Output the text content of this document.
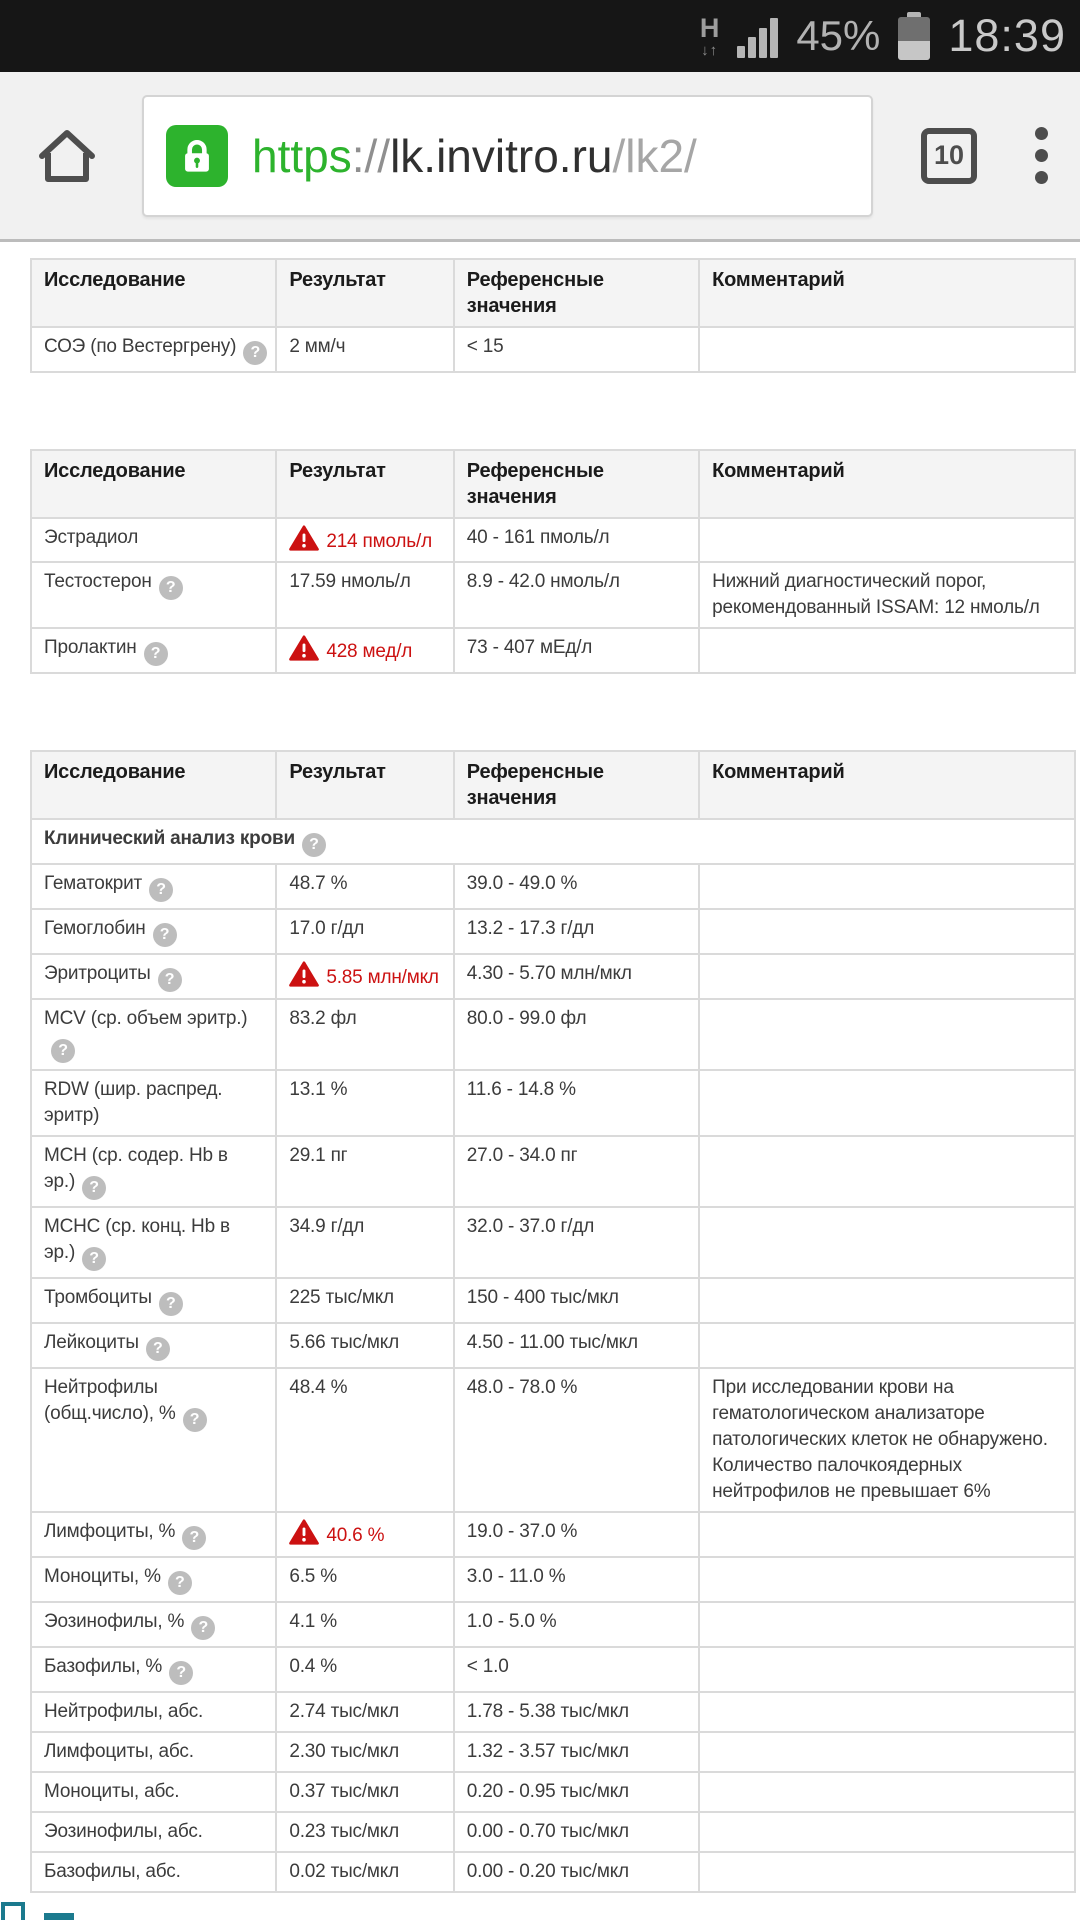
H
↓↑ 45% 18:39
https://lk.invitro.ru/lk2/	10
Исследование	Результат	Референсные значения	Комментарий
СОЭ (по Вестергрену) ?	2 мм/ч	< 15	
Исследование	Результат	Референсные значения	Комментарий
Эстрадиол	214 пмоль/л	40 - 161 пмоль/л	
Тестостерон ?	17.59 нмоль/л	8.9 - 42.0 нмоль/л	Нижний диагностический порог, рекомендованный ISSAM: 12 нмоль/л
Пролактин ?	428 мед/л	73 - 407 мЕд/л	
Исследование	Результат	Референсные значения	Комментарий
Клинический анализ крови ?			
Гематокрит ?	48.7 %	39.0 - 49.0 %	
Гемоглобин ?	17.0 г/дл	13.2 - 17.3 г/дл	
Эритроциты ?	5.85 млн/мкл	4.30 - 5.70 млн/мкл	
MCV (ср. объем эритр.)?	83.2 фл	80.0 - 99.0 фл	
RDW (шир. распред. эритр)	13.1 %	11.6 - 14.8 %	
MCH (ср. содер. Hb в эр.) ?	29.1 пг	27.0 - 34.0 пг	
MCHC (ср. конц. Hb в эр.) ?	34.9 г/дл	32.0 - 37.0 г/дл	
Тромбоциты ?	225 тыс/мкл	150 - 400 тыс/мкл	
Лейкоциты ?	5.66 тыс/мкл	4.50 - 11.00 тыс/мкл	
Нейтрофилы (общ.число), % ?	48.4 %	48.0 - 78.0 %	При исследовании крови на гематологическом анализаторе патологических клеток не обнаружено. Количество палочкоядерных нейтрофилов не превышает 6%
Лимфоциты, % ?	40.6 %	19.0 - 37.0 %	
Моноциты, % ?	6.5 %	3.0 - 11.0 %	
Эозинофилы, % ?	4.1 %	1.0 - 5.0 %	
Базофилы, % ?	0.4 %	< 1.0	
Нейтрофилы, абс.	2.74 тыс/мкл	1.78 - 5.38 тыс/мкл	
Лимфоциты, абс.	2.30 тыс/мкл	1.32 - 3.57 тыс/мкл	
Моноциты, абс.	0.37 тыс/мкл	0.20 - 0.95 тыс/мкл	
Эозинофилы, абс.	0.23 тыс/мкл	0.00 - 0.70 тыс/мкл	
Базофилы, абс.	0.02 тыс/мкл	0.00 - 0.20 тыс/мкл	
